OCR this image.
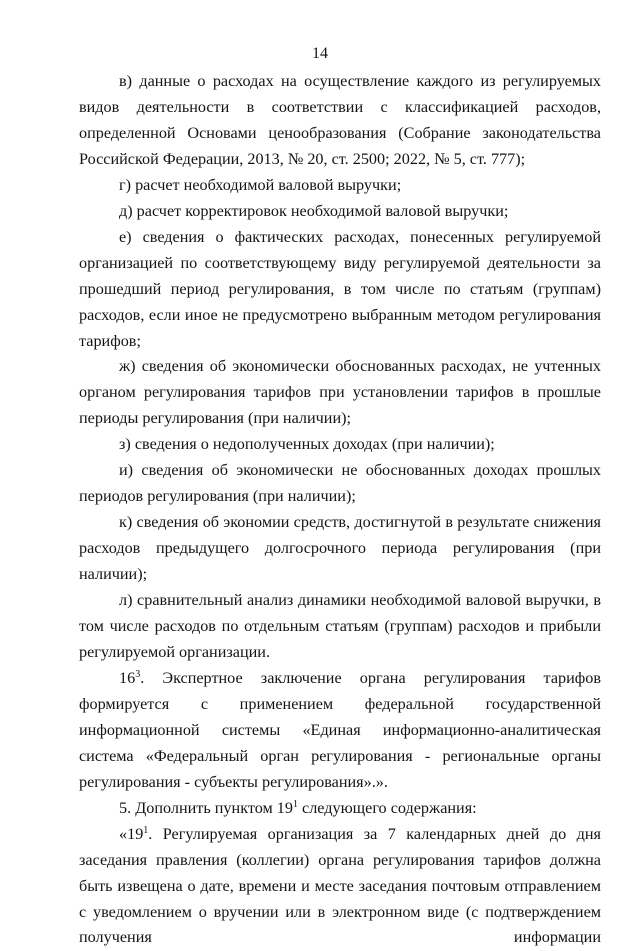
14

в) данные о расходах на осуществление каждого из регулируемых видов деятельности в соответствии с классификацией расходов, определенной Основами ценообразования (Собрание законодательства Российской Федерации, 2013, № 20, ст. 2500; 2022, № 5, ст. 777);

г) расчет необходимой валовой выручки;

д) расчет корректировок необходимой валовой выручки;

е) сведения о фактических расходах, понесенных регулируемой организацией по соответствующему виду регулируемой деятельности за прошедший период регулирования, в том числе по статьям (группам) расходов, если иное не предусмотрено выбранным методом регулирования тарифов;

ж) сведения об экономически обоснованных расходах, не учтенных органом регулирования тарифов при установлении тарифов в прошлые периоды регулирования (при наличии);

з) сведения о недополученных доходах (при наличии);

и) сведения об экономически не обоснованных доходах прошлых периодов регулирования (при наличии);

к) сведения об экономии средств, достигнутой в результате снижения расходов предыдущего долгосрочного периода регулирования (при наличии);

л) сравнительный анализ динамики необходимой валовой выручки, в том числе расходов по отдельным статьям (группам) расходов и прибыли регулируемой организации.

$16^3$. Экспертное заключение органа регулирования тарифов формируется с применением федеральной государственной информационной системы «Единая информационно-аналитическая система «Федеральный орган регулирования - региональные органы регулирования - субъекты регулирования».».

5. Дополнить пунктом $19^1$ следующего содержания:

«$19^1$. Регулируемая организация за 7 календарных дней до дня заседания правления (коллегии) органа регулирования тарифов должна быть извещена о дате, времени и месте заседания почтовым отправлением с уведомлением о вручении или в электронном виде (с подтверждением получения информации
